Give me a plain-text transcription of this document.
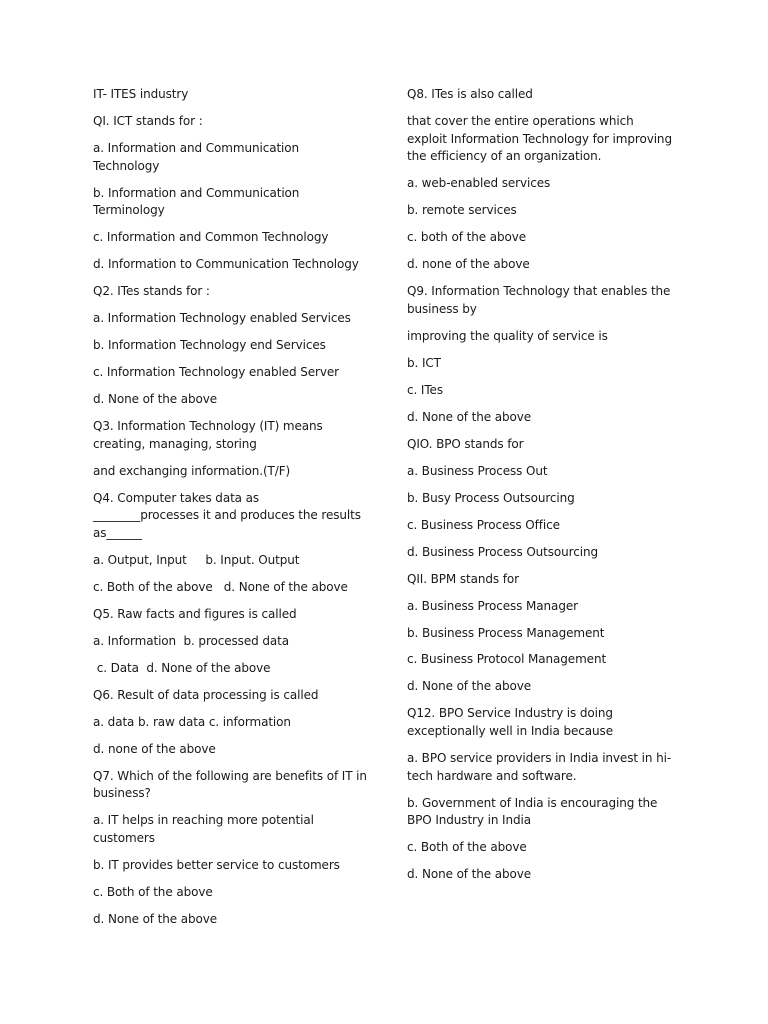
IT- ITES industry

QI. ICT stands for :

a. Information and Communication Technology

b. Information and Communication Terminology

c. Information and Common Technology

d. Information to Communication Technology

Q2. ITes stands for :

a. Information Technology enabled Services

b. Information Technology end Services

c. Information Technology enabled Server

d. None of the above

Q3. Information Technology (IT) means creating, managing, storing

and exchanging information.(T/F)

Q4. Computer takes data as ________processes it and produces the results as______

a. Output, Input     b. Input. Output

c. Both of the above   d. None of the above

Q5. Raw facts and figures is called

a. Information  b. processed data

c. Data  d. None of the above

Q6. Result of data processing is called

a. data b. raw data c. information

d. none of the above

Q7. Which of the following are benefits of IT in business?

a. IT helps in reaching more potential customers

b. IT provides better service to customers

c. Both of the above

d. None of the above

Q8. ITes is also called

that cover the entire operations which exploit Information Technology for improving the efficiency of an organization.

a. web-enabled services

b. remote services

c. both of the above

d. none of the above

Q9. Information Technology that enables the business by

improving the quality of service is

b. ICT

c. ITes

d. None of the above

QIO. BPO stands for

a. Business Process Out

b. Busy Process Outsourcing

c. Business Process Office

d. Business Process Outsourcing

QII. BPM stands for

a. Business Process Manager

b. Business Process Management

c. Business Protocol Management

d. None of the above

Q12. BPO Service Industry is doing exceptionally well in India because

a. BPO service providers in India invest in hi-tech hardware and software.

b. Government of India is encouraging the BPO Industry in India

c. Both of the above

d. None of the above
